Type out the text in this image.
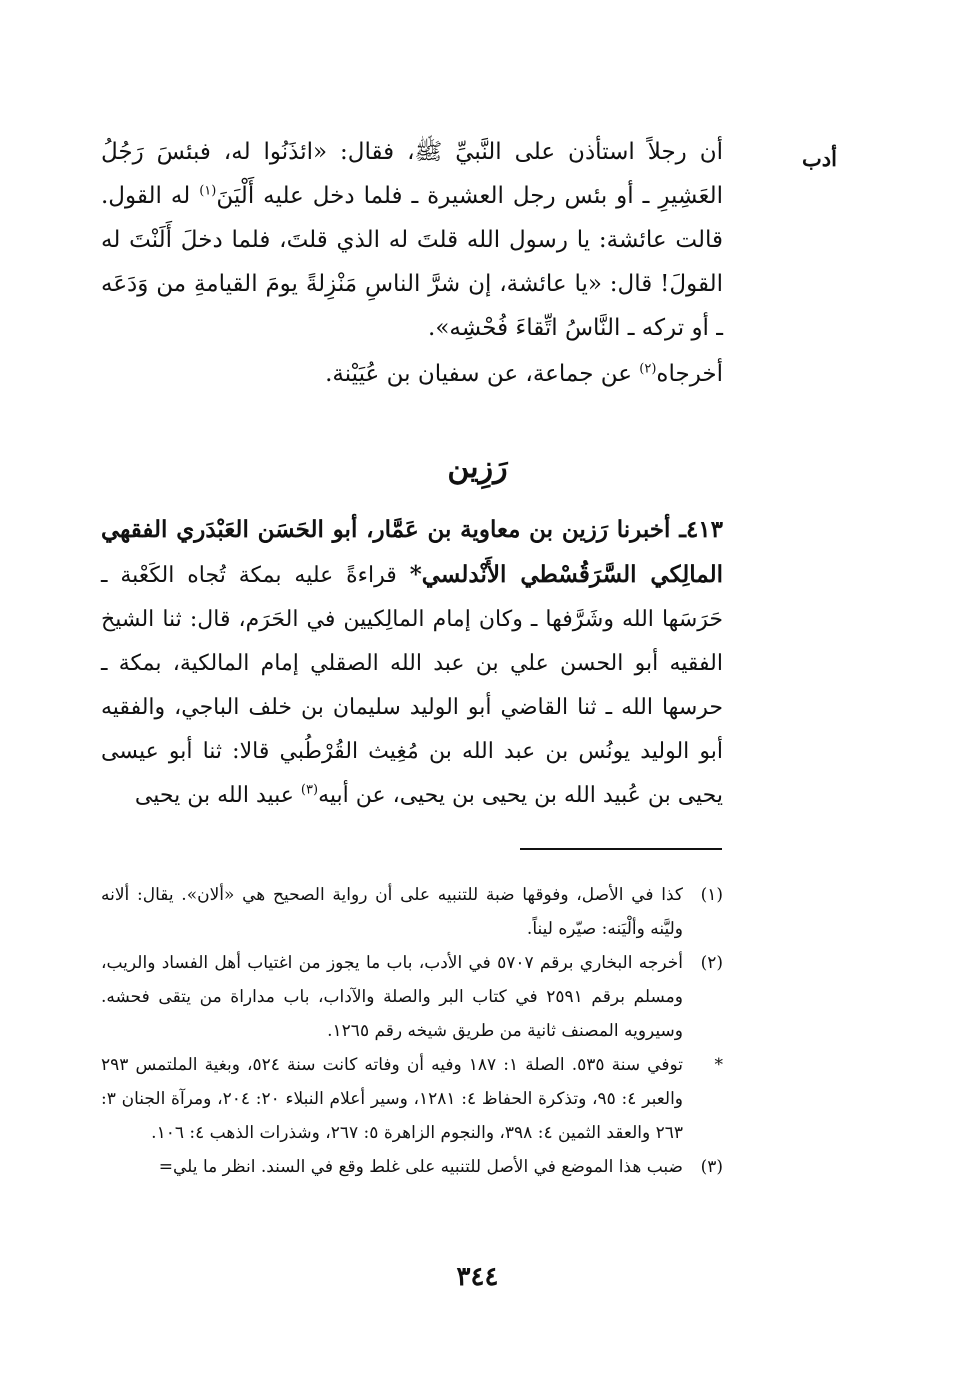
أدب

أن رجلاً استأذن على النَّبيِّ ﷺ، فقال: «ائذَنُوا له، فبئسَ رَجُلُ العَشِيرِ ـ أو بئس رجل العشيرة ـ فلما دخل عليه أَلْيَنَ$^{(١)}$ له القول. قالت عائشة: يا رسول الله قلتَ له الذي قلتَ، فلما دخلَ أَلَنْتَ له القولَ! قال: «يا عائشة، إن شرَّ الناسِ مَنْزِلةً يومَ القيامةِ من وَدَعَه ـ أو تركه ـ النَّاسُ اتِّقاءَ فُحْشِه».

أخرجاه$^{(٢)}$ عن جماعة، عن سفيان بن عُيَيْنة.

رَزِين

٤١٣ـ أخبرنا رَزين بن معاوية بن عَمَّار، أبو الحَسَن العَبْدَري الفقهي المالِكي السَّرَقُسْطي الأَنْدلسي* قراءةً عليه بمكة تُجاه الكَعْبة ـ حَرَسَها الله وشَرَّفها ـ وكان إمام المالِكيين في الحَرَم، قال: ثنا الشيخ الفقيه أبو الحسن علي بن عبد الله الصقلي إمام المالكية، بمكة ـ حرسها الله ـ ثنا القاضي أبو الوليد سليمان بن خلف الباجي، والفقيه أبو الوليد يونُس بن عبد الله بن مُغِيث القُرْطُبي قالا: ثنا أبو عيسى يحيى بن عُبيد الله بن يحيى بن يحيى، عن أبيه$^{(٣)}$ عبيد الله بن يحيى

(١)
كذا في الأصل، وفوقها ضبة للتنبيه على أن رواية الصحيح هي «ألان». يقال: ألانه وليَّنه وألْيَنه: صيّره ليناً.
(٢)
أخرجه البخاري برقم ٥٧٠٧ في الأدب، باب ما يجوز من اغتياب أهل الفساد والريب، ومسلم برقم ٢٥٩١ في كتاب البر والصلة والآداب، باب مداراة من يتقى فحشه. وسيرويه المصنف ثانية من طريق شيخه رقم ١٢٦٥.
*
توفي سنة ٥٣٥. الصلة ١: ١٨٧ وفيه أن وفاته كانت سنة ٥٢٤، وبغية الملتمس ٢٩٣ والعبر ٤: ٩٥، وتذكرة الحفاظ ٤: ١٢٨١، وسير أعلام النبلاء ٢٠: ٢٠٤، ومرآة الجنان ٣: ٢٦٣ والعقد الثمين ٤: ٣٩٨، والنجوم الزاهرة ٥: ٢٦٧، وشذرات الذهب ٤: ١٠٦.
(٣)
ضبب هذا الموضع في الأصل للتنبيه على غلط وقع في السند. انظر ما يلي=
٣٤٤
